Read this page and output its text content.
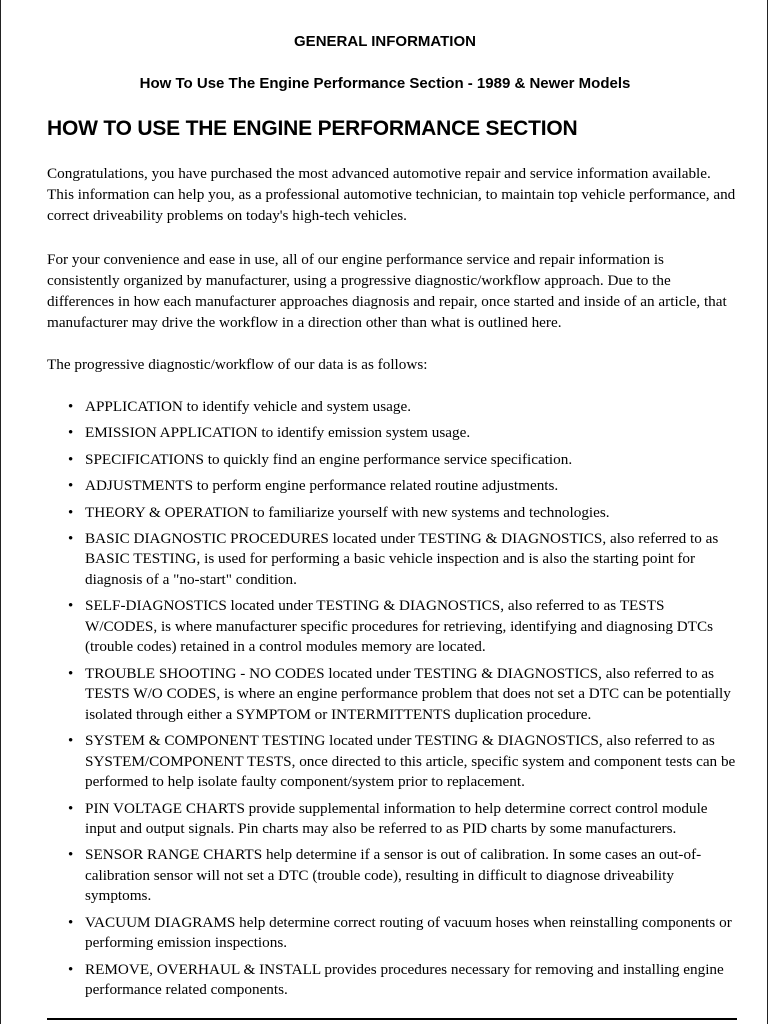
GENERAL INFORMATION
How To Use The Engine Performance Section - 1989 & Newer Models
HOW TO USE THE ENGINE PERFORMANCE SECTION

Congratulations, you have purchased the most advanced automotive repair and service information available. This information can help you, as a professional automotive technician, to maintain top vehicle performance, and correct driveability problems on today's high-tech vehicles.

For your convenience and ease in use, all of our engine performance service and repair information is consistently organized by manufacturer, using a progressive diagnostic/workflow approach. Due to the differences in how each manufacturer approaches diagnosis and repair, once started and inside of an article, that manufacturer may drive the workflow in a direction other than what is outlined here.

The progressive diagnostic/workflow of our data is as follows:

• APPLICATION to identify vehicle and system usage.
• EMISSION APPLICATION to identify emission system usage.
• SPECIFICATIONS to quickly find an engine performance service specification.
• ADJUSTMENTS to perform engine performance related routine adjustments.
• THEORY & OPERATION to familiarize yourself with new systems and technologies.
• BASIC DIAGNOSTIC PROCEDURES located under TESTING & DIAGNOSTICS, also referred to as BASIC TESTING, is used for performing a basic vehicle inspection and is also the starting point for diagnosis of a "no-start" condition.
• SELF-DIAGNOSTICS located under TESTING & DIAGNOSTICS, also referred to as TESTS W/CODES, is where manufacturer specific procedures for retrieving, identifying and diagnosing DTCs (trouble codes) retained in a control modules memory are located.
• TROUBLE SHOOTING - NO CODES located under TESTING & DIAGNOSTICS, also referred to as TESTS W/O CODES, is where an engine performance problem that does not set a DTC can be potentially isolated through either a SYMPTOM or INTERMITTENTS duplication procedure.
• SYSTEM & COMPONENT TESTING located under TESTING & DIAGNOSTICS, also referred to as SYSTEM/COMPONENT TESTS, once directed to this article, specific system and component tests can be performed to help isolate faulty component/system prior to replacement.
• PIN VOLTAGE CHARTS provide supplemental information to help determine correct control module input and output signals. Pin charts may also be referred to as PID charts by some manufacturers.
• SENSOR RANGE CHARTS help determine if a sensor is out of calibration. In some cases an out-of-calibration sensor will not set a DTC (trouble code), resulting in difficult to diagnose driveability symptoms.
• VACUUM DIAGRAMS help determine correct routing of vacuum hoses when reinstalling components or performing emission inspections.
• REMOVE, OVERHAUL & INSTALL provides procedures necessary for removing and installing engine performance related components.
